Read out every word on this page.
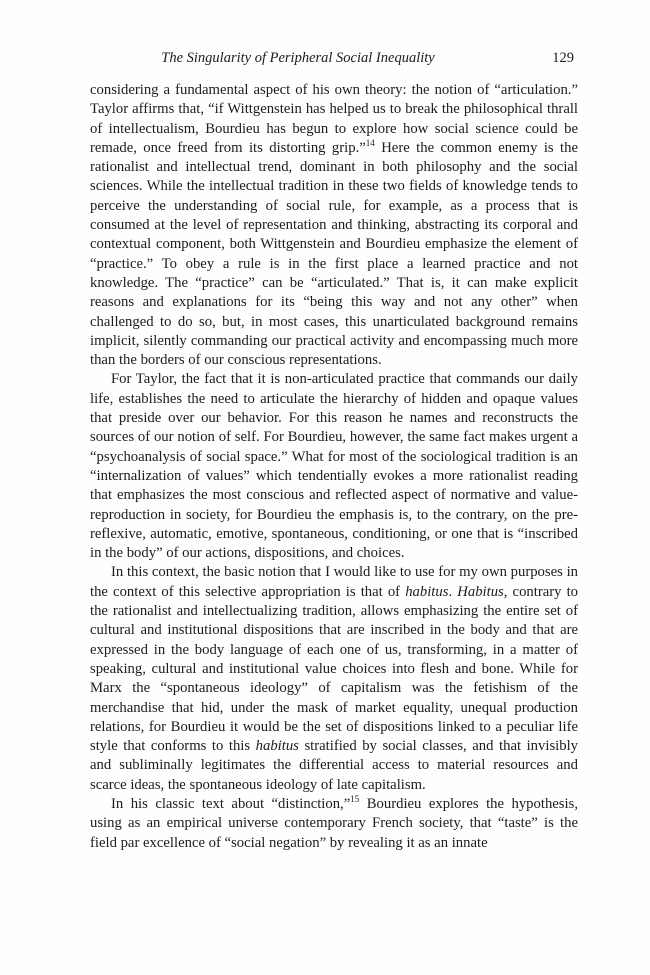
The Singularity of Peripheral Social Inequality	129

considering a fundamental aspect of his own theory: the notion of “articulation.” Taylor affirms that, “if Wittgenstein has helped us to break the philosophical thrall of intellectualism, Bourdieu has begun to explore how social science could be remade, once freed from its distorting grip.”$^{14}$ Here the common enemy is the rationalist and intellectual trend, dominant in both philosophy and the social sciences. While the intellectual tradition in these two fields of knowledge tends to perceive the understanding of social rule, for example, as a process that is consumed at the level of representation and thinking, abstracting its corporal and contextual component, both Wittgenstein and Bourdieu emphasize the element of “practice.” To obey a rule is in the first place a learned practice and not knowledge. The “practice” can be “articulated.” That is, it can make explicit reasons and explanations for its “being this way and not any other” when challenged to do so, but, in most cases, this unarticulated background remains implicit, silently commanding our practical activity and encompassing much more than the borders of our conscious representations.

For Taylor, the fact that it is non-articulated practice that commands our daily life, establishes the need to articulate the hierarchy of hidden and opaque values that preside over our behavior. For this reason he names and reconstructs the sources of our notion of self. For Bourdieu, however, the same fact makes urgent a “psychoanalysis of social space.” What for most of the sociological tradition is an “internalization of values” which tendentially evokes a more rationalist reading that emphasizes the most conscious and reflected aspect of normative and value-reproduction in society, for Bourdieu the emphasis is, to the contrary, on the pre-reflexive, automatic, emotive, spontaneous, conditioning, or one that is “inscribed in the body” of our actions, dispositions, and choices.

In this context, the basic notion that I would like to use for my own purposes in the context of this selective appropriation is that of habitus. Habitus, contrary to the rationalist and intellectualizing tradition, allows emphasizing the entire set of cultural and institutional dispositions that are inscribed in the body and that are expressed in the body language of each one of us, transforming, in a matter of speaking, cultural and institutional value choices into flesh and bone. While for Marx the “spontaneous ideology” of capitalism was the fetishism of the merchandise that hid, under the mask of market equality, unequal production relations, for Bourdieu it would be the set of dispositions linked to a peculiar life style that conforms to this habitus stratified by social classes, and that invisibly and subliminally legitimates the differential access to material resources and scarce ideas, the spontaneous ideology of late capitalism.

In his classic text about “distinction,”$^{15}$ Bourdieu explores the hypothesis, using as an empirical universe contemporary French society, that “taste” is the field par excellence of “social negation” by revealing it as an innate
